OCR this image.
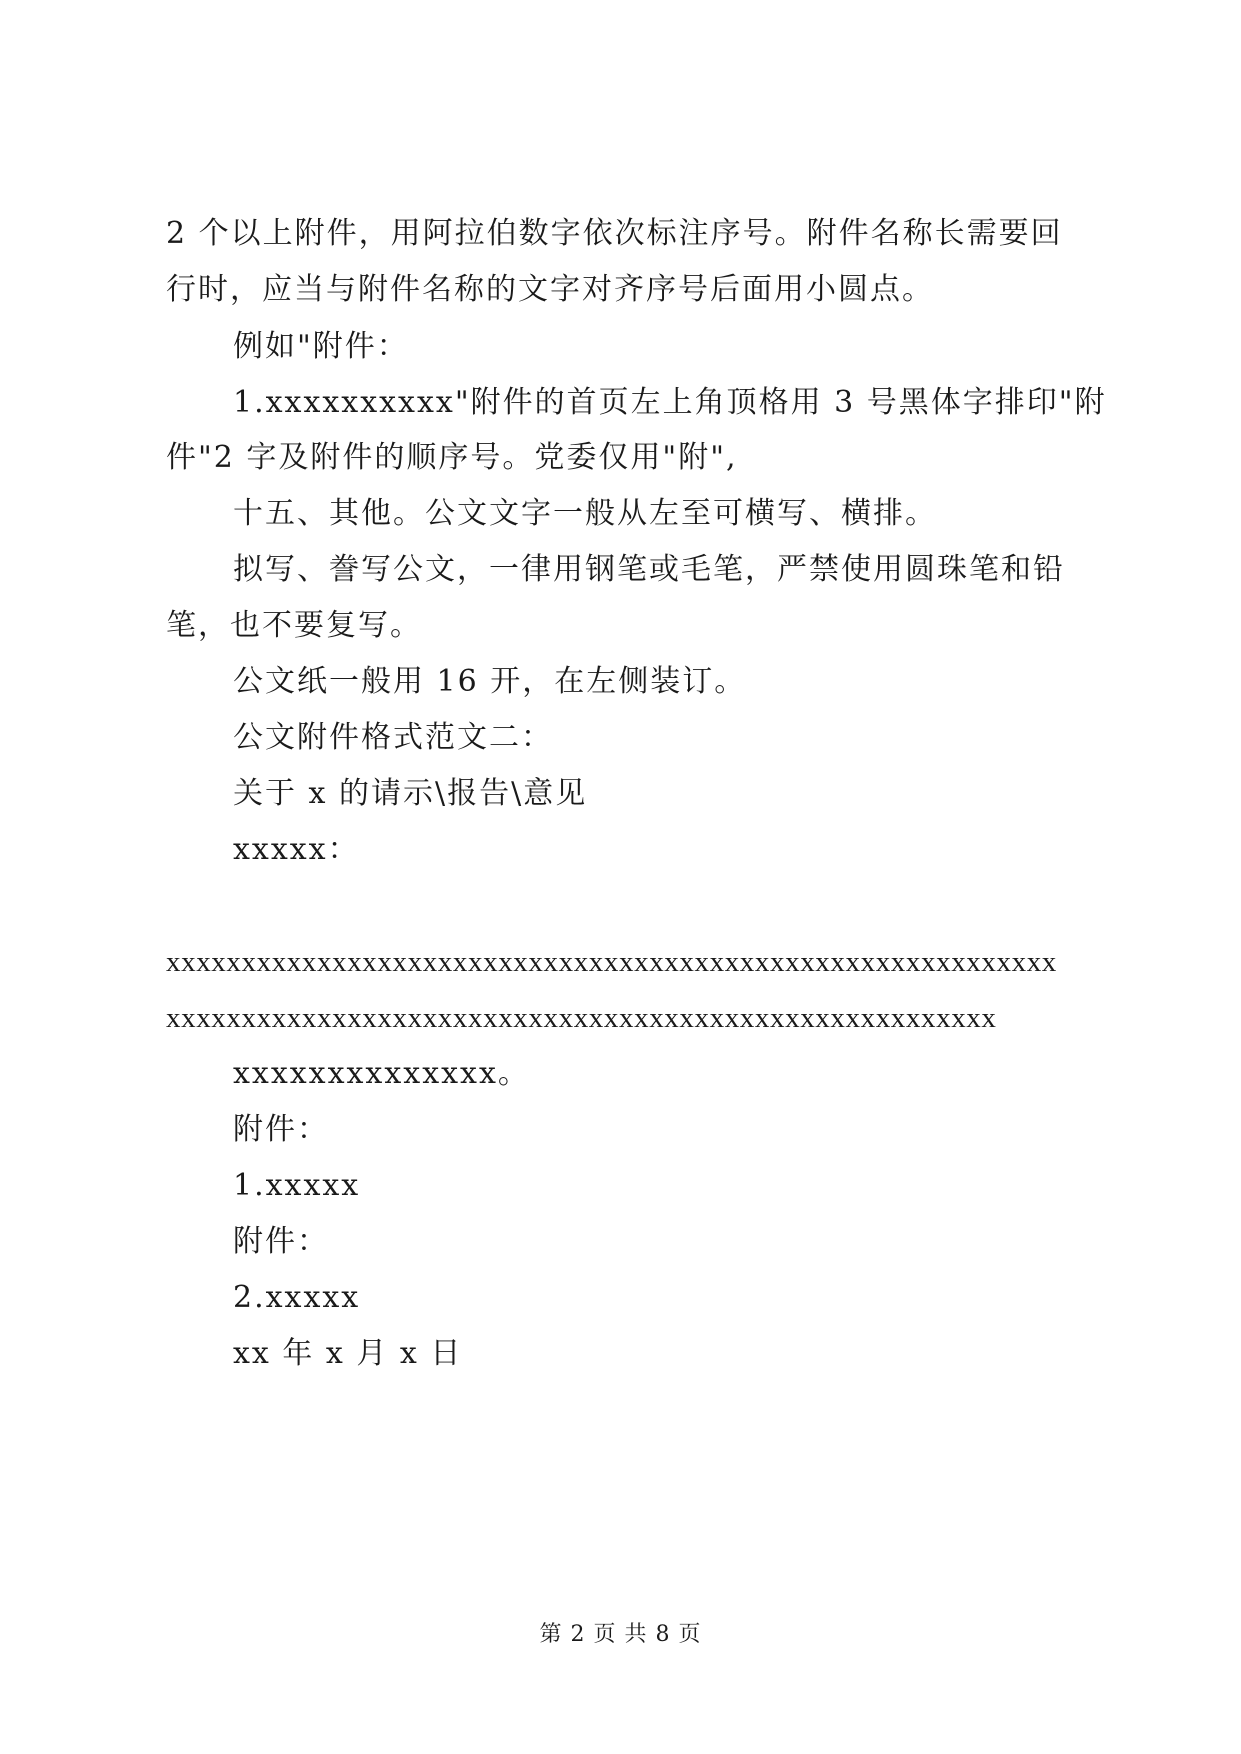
2 个以上附件，用阿拉伯数字依次标注序号。附件名称长需要回
行时，应当与附件名称的文字对齐序号后面用小圆点。
例如"附件：
1.xxxxxxxxxx"附件的首页左上角顶格用 3 号黑体字排印"附
件"2 字及附件的顺序号。党委仅用"附",
十五、其他。公文文字一般从左至可横写、横排。
拟写、誊写公文，一律用钢笔或毛笔，严禁使用圆珠笔和铅
笔，也不要复写。
公文纸一般用 16 开，在左侧装订。
公文附件格式范文二：
关于 x 的请示\报告\意见
xxxxx：
xxxxxxxxxxxxxxxxxxxxxxxxxxxxxxxxxxxxxxxxxxxxxxxxxxxxxxxxxxx
xxxxxxxxxxxxxxxxxxxxxxxxxxxxxxxxxxxxxxxxxxxxxxxxxxxxxxx
xxxxxxxxxxxxxx。
附件：
1.xxxxx
附件：
2.xxxxx
xx 年 x 月 x 日
第 2 页 共 8 页
